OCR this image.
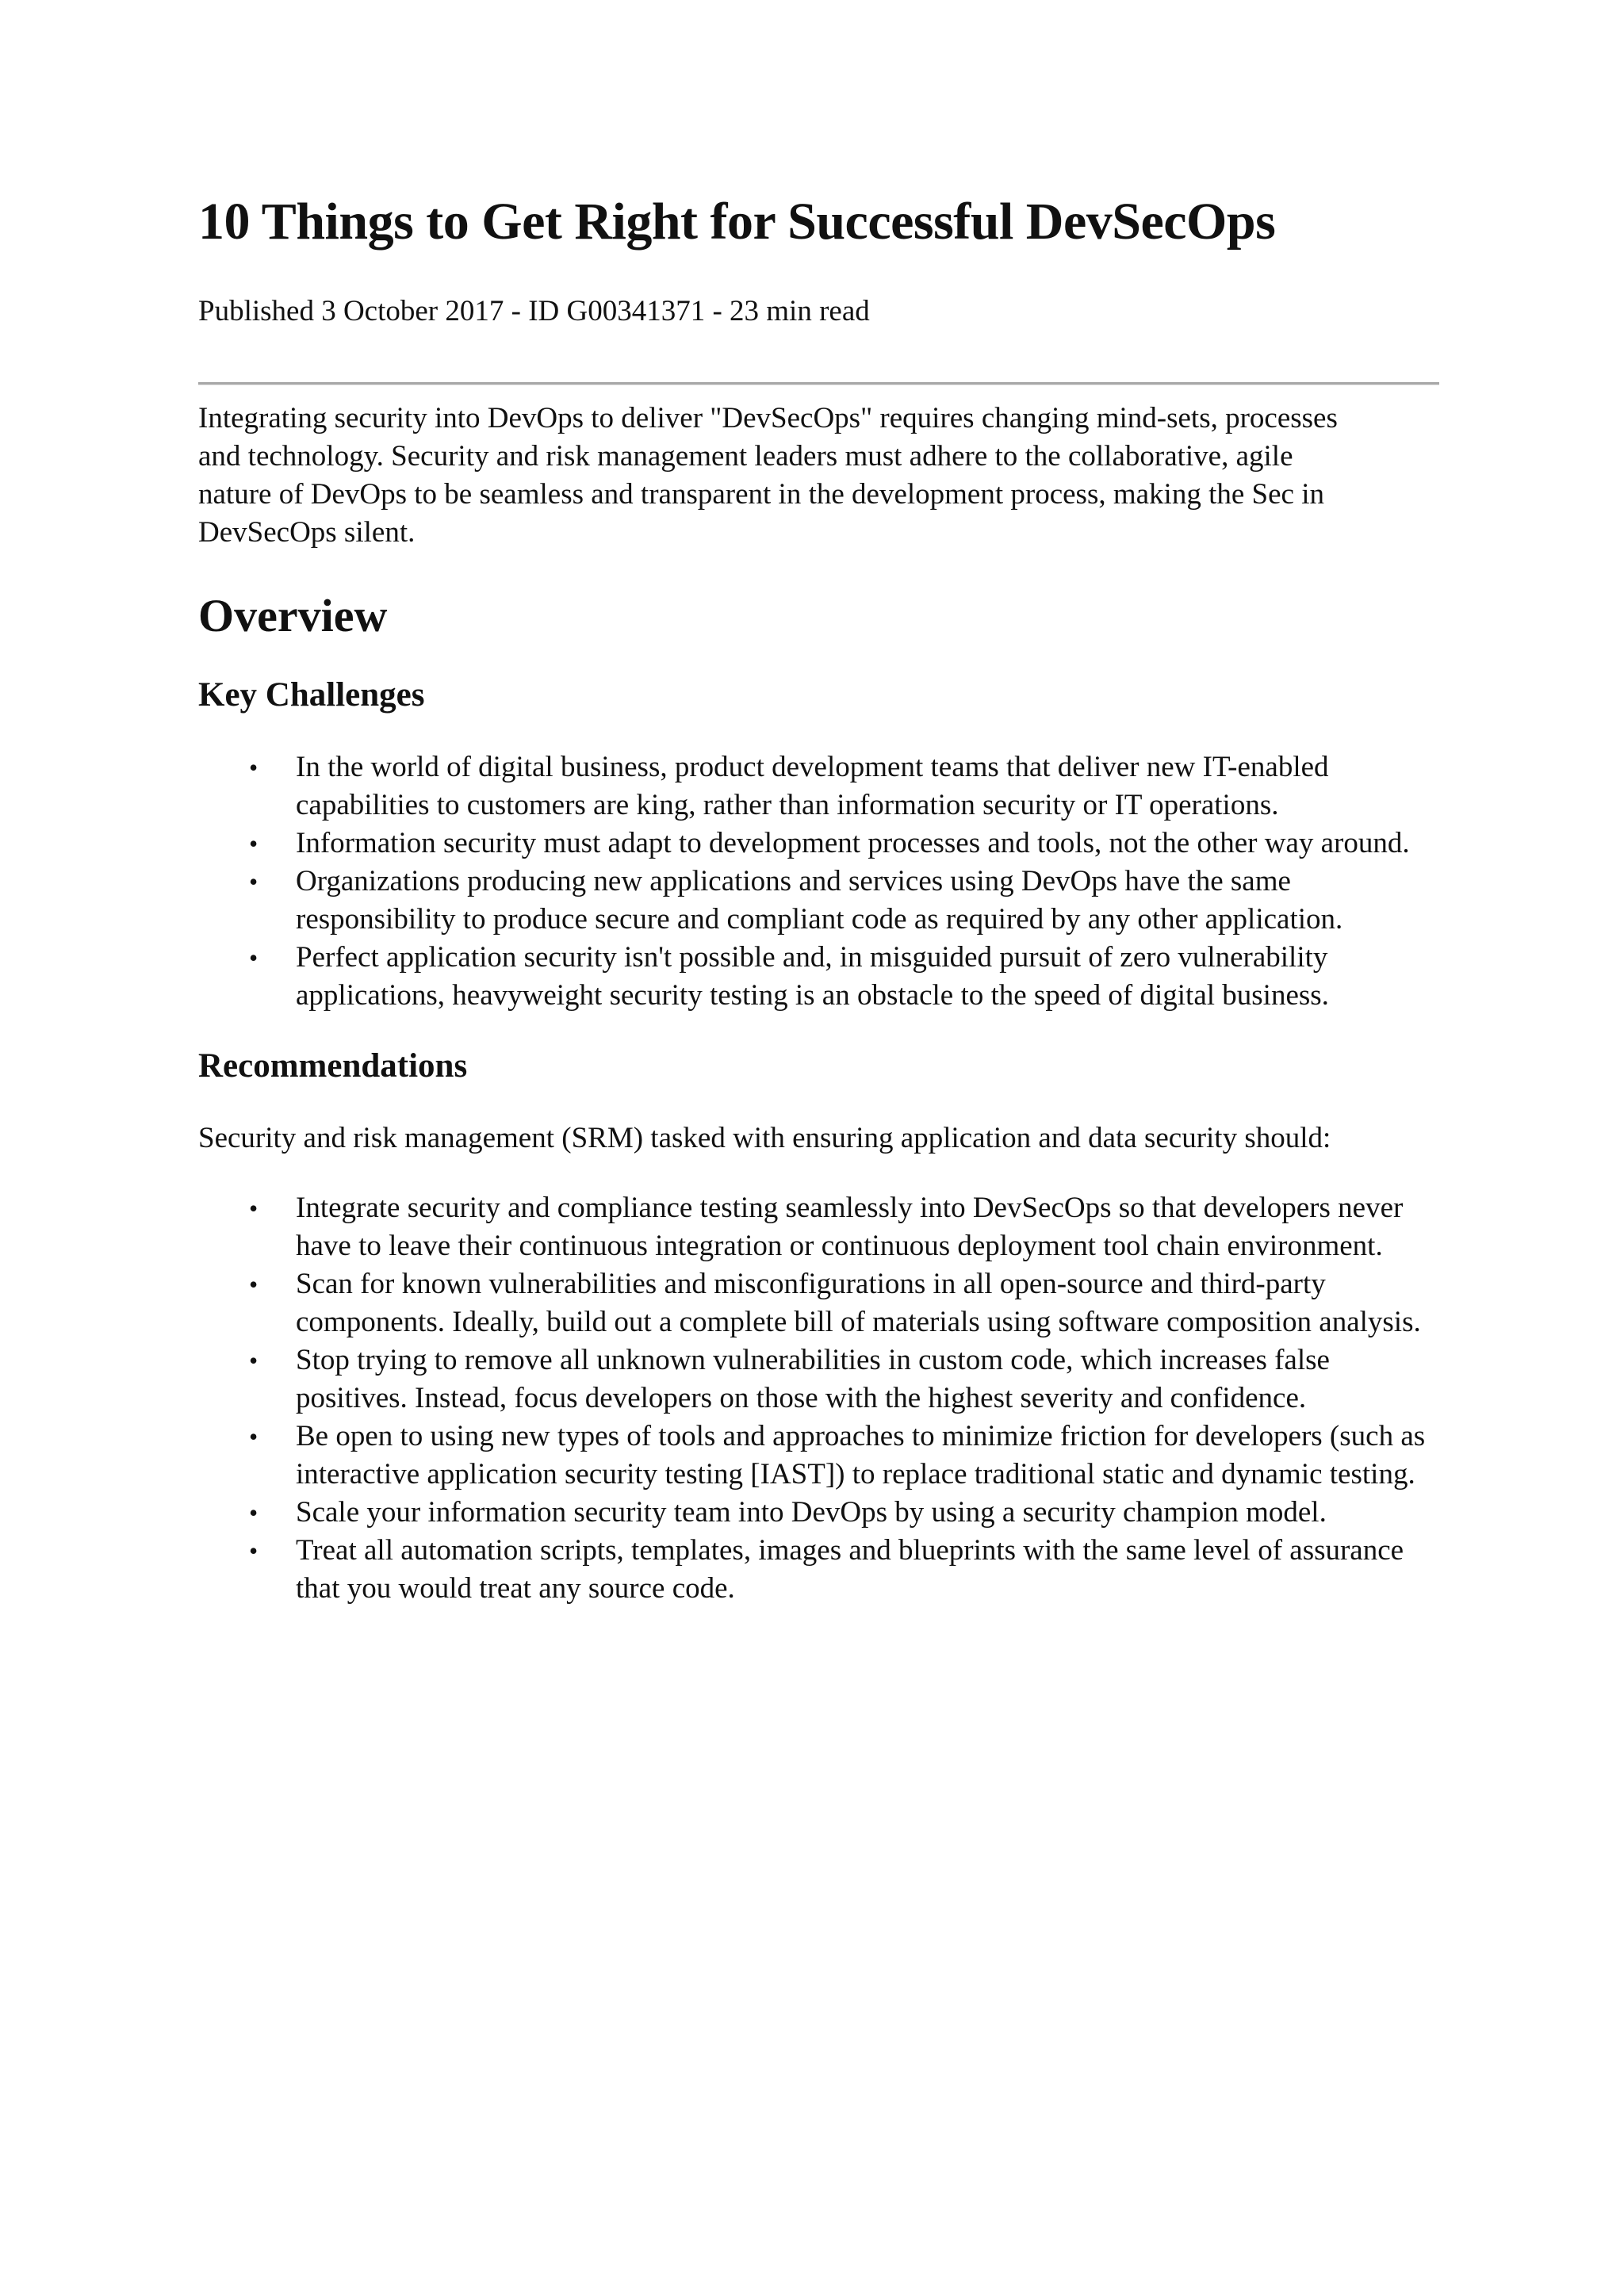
10 Things to Get Right for Successful DevSecOps

Published 3 October 2017 - ID G00341371 - 23 min read

Integrating security into DevOps to deliver "DevSecOps" requires changing mind-sets, processes and technology. Security and risk management leaders must adhere to the collaborative, agile nature of DevOps to be seamless and transparent in the development process, making the Sec in DevSecOps silent.

Overview
Key Challenges
• In the world of digital business, product development teams that deliver new IT-enabled capabilities to customers are king, rather than information security or IT operations.
• Information security must adapt to development processes and tools, not the other way around.
• Organizations producing new applications and services using DevOps have the same responsibility to produce secure and compliant code as required by any other application.
• Perfect application security isn't possible and, in misguided pursuit of zero vulnerability applications, heavyweight security testing is an obstacle to the speed of digital business.
Recommendations

Security and risk management (SRM) tasked with ensuring application and data security should:

• Integrate security and compliance testing seamlessly into DevSecOps so that developers never have to leave their continuous integration or continuous deployment tool chain environment.
• Scan for known vulnerabilities and misconfigurations in all open-source and third-party components. Ideally, build out a complete bill of materials using software composition analysis.
• Stop trying to remove all unknown vulnerabilities in custom code, which increases false positives. Instead, focus developers on those with the highest severity and confidence.
• Be open to using new types of tools and approaches to minimize friction for developers (such as interactive application security testing [IAST]) to replace traditional static and dynamic testing.
• Scale your information security team into DevOps by using a security champion model.
• Treat all automation scripts, templates, images and blueprints with the same level of assurance that you would treat any source code.
